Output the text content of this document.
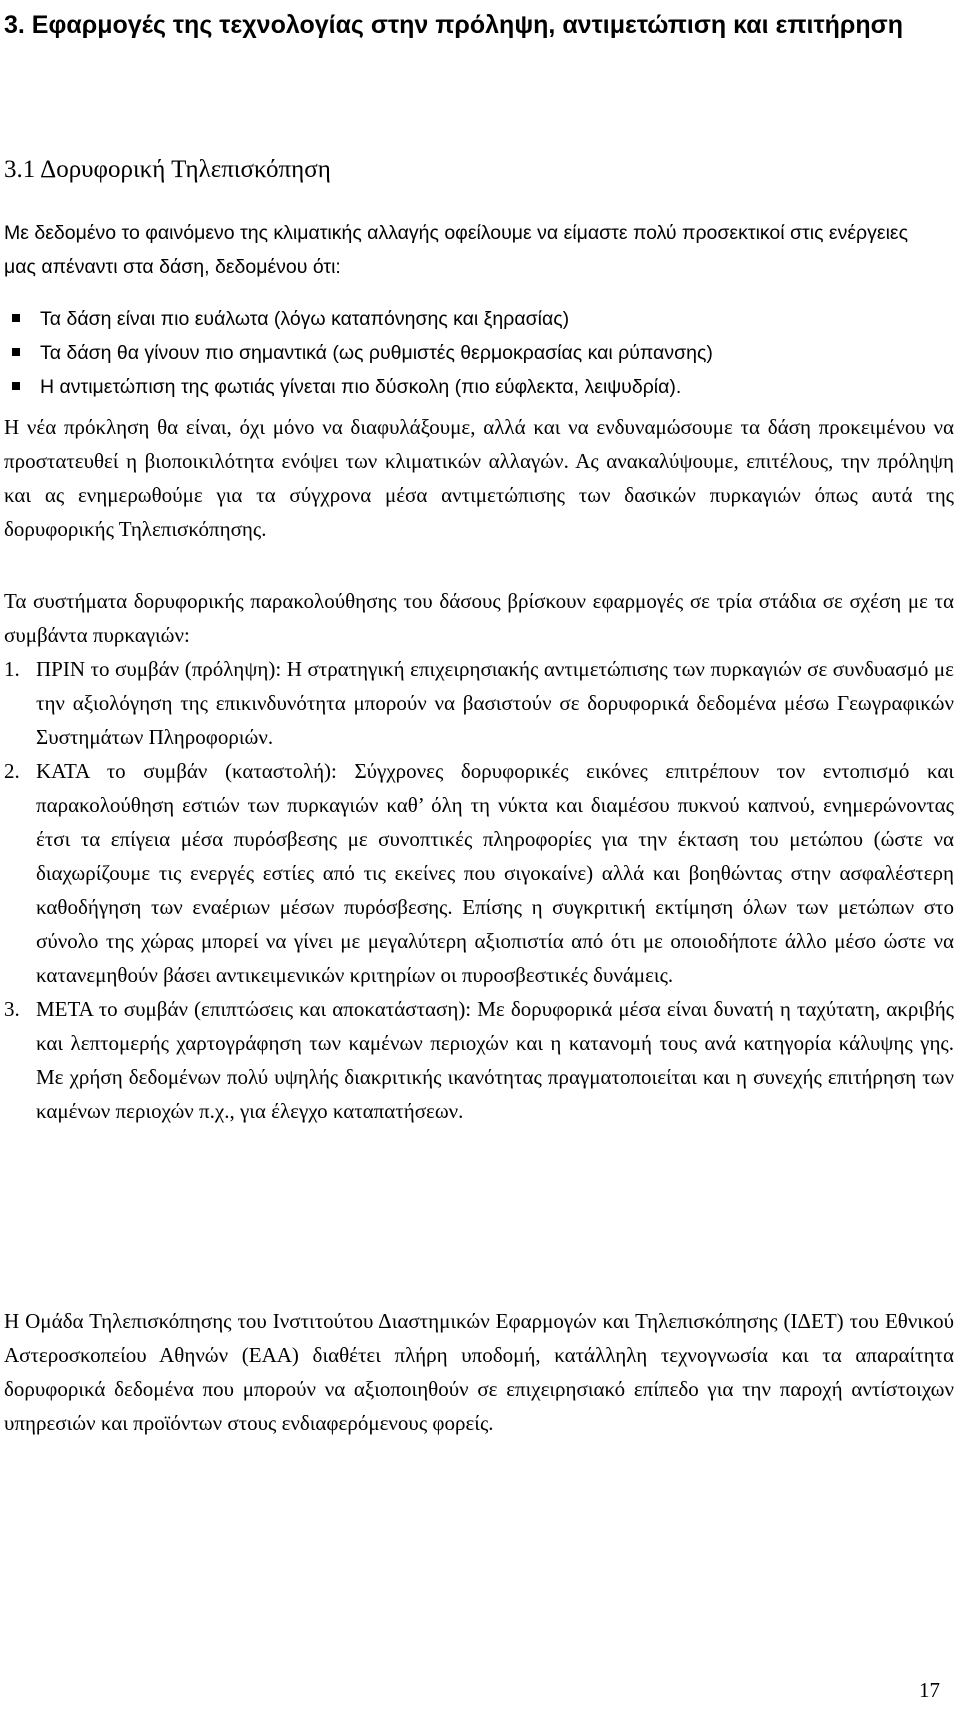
3. Εφαρμογές της τεχνολογίας στην πρόληψη, αντιμετώπιση και επιτήρηση
3.1 Δορυφορική Τηλεπισκόπηση
Με δεδομένο το φαινόμενο της κλιματικής αλλαγής οφείλουμε να είμαστε πολύ προσεκτικοί στις ενέργειες μας απέναντι στα δάση, δεδομένου ότι:
Τα δάση είναι πιο ευάλωτα (λόγω καταπόνησης και ξηρασίας)
Τα δάση θα γίνουν πιο σημαντικά (ως ρυθμιστές θερμοκρασίας και ρύπανσης)
Η αντιμετώπιση της φωτιάς γίνεται πιο δύσκολη (πιο εύφλεκτα, λειψυδρία).
Η νέα πρόκληση θα είναι, όχι μόνο να διαφυλάξουμε, αλλά και να ενδυναμώσουμε τα δάση προκειμένου να προστατευθεί η βιοποικιλότητα ενόψει των κλιματικών αλλαγών. Ας ανακαλύψουμε, επιτέλους, την πρόληψη και ας ενημερωθούμε για τα σύγχρονα μέσα αντιμετώπισης των δασικών πυρκαγιών όπως αυτά της δορυφορικής Τηλεπισκόπησης.
Τα συστήματα δορυφορικής παρακολούθησης του δάσους βρίσκουν εφαρμογές σε τρία στάδια σε σχέση με τα συμβάντα πυρκαγιών:
1. ΠΡΙΝ το συμβάν (πρόληψη): Η στρατηγική επιχειρησιακής αντιμετώπισης των πυρκαγιών σε συνδυασμό με την αξιολόγηση της επικινδυνότητα μπορούν να βασιστούν σε δορυφορικά δεδομένα μέσω Γεωγραφικών Συστημάτων Πληροφοριών.
2. ΚΑΤΑ το συμβάν (καταστολή): Σύγχρονες δορυφορικές εικόνες επιτρέπουν τον εντοπισμό και παρακολούθηση εστιών των πυρκαγιών καθ’ όλη τη νύκτα και διαμέσου πυκνού καπνού, ενημερώνοντας έτσι τα επίγεια μέσα πυρόσβεσης με συνοπτικές πληροφορίες για την έκταση του μετώπου (ώστε να διαχωρίζουμε τις ενεργές εστίες από τις εκείνες που σιγοκαίνε) αλλά και βοηθώντας στην ασφαλέστερη καθοδήγηση των εναέριων μέσων πυρόσβεσης. Επίσης η συγκριτική εκτίμηση όλων των μετώπων στο σύνολο της χώρας μπορεί να γίνει με μεγαλύτερη αξιοπιστία από ότι με οποιοδήποτε άλλο μέσο ώστε να κατανεμηθούν βάσει αντικειμενικών κριτηρίων οι πυροσβεστικές δυνάμεις.
3. ΜΕΤΑ το συμβάν (επιπτώσεις και αποκατάσταση): Με δορυφορικά μέσα είναι δυνατή η ταχύτατη, ακριβής και λεπτομερής χαρτογράφηση των καμένων περιοχών και η κατανομή τους ανά κατηγορία κάλυψης γης. Με χρήση δεδομένων πολύ υψηλής διακριτικής ικανότητας πραγματοποιείται και η συνεχής επιτήρηση των καμένων περιοχών π.χ., για έλεγχο καταπατήσεων.
Η Ομάδα Τηλεπισκόπησης του Ινστιτούτου Διαστημικών Εφαρμογών και Τηλεπισκόπησης (ΙΔΕΤ) του Εθνικού Αστεροσκοπείου Αθηνών (ΕΑΑ) διαθέτει πλήρη υποδομή, κατάλληλη τεχνογνωσία και τα απαραίτητα δορυφορικά δεδομένα που μπορούν να αξιοποιηθούν σε επιχειρησιακό επίπεδο για την παροχή αντίστοιχων υπηρεσιών και προϊόντων στους ενδιαφερόμενους φορείς.
17
